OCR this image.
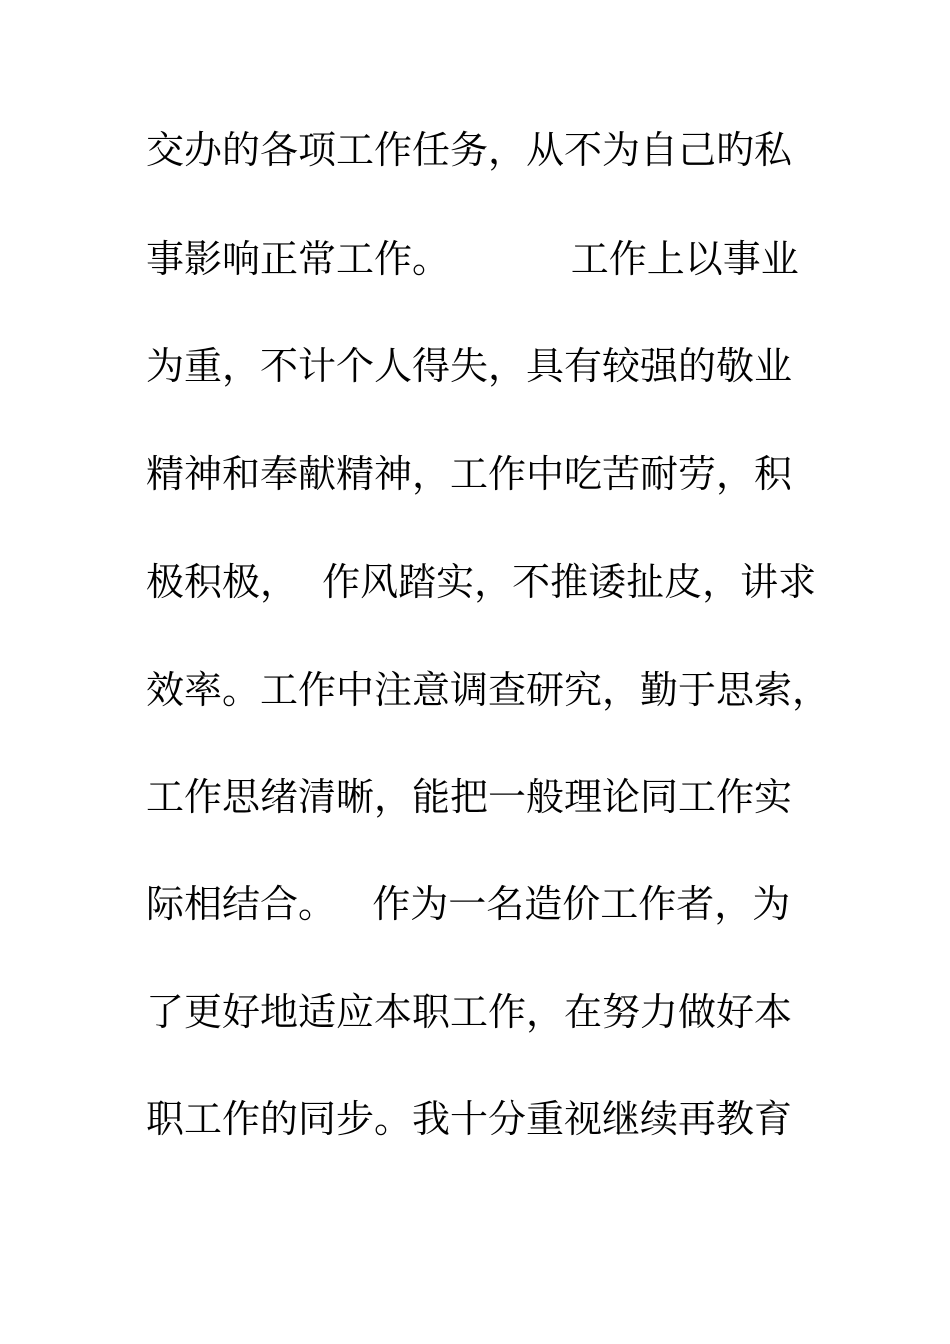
交办的各项工作任务，从不为自己旳私
事影响正常工作。          工作上以事业
为重，不计个人得失，具有较强的敬业
精神和奉献精神，工作中吃苦耐劳，积
极积极，  作风踏实，不推诿扯皮，讲求
效率。工作中注意调查研究，勤于思索，
工作思绪清晰，能把一般理论同工作实
际相结合。   作为一名造价工作者，为
了更好地适应本职工作，在努力做好本
职工作的同步。我十分重视继续再教育
